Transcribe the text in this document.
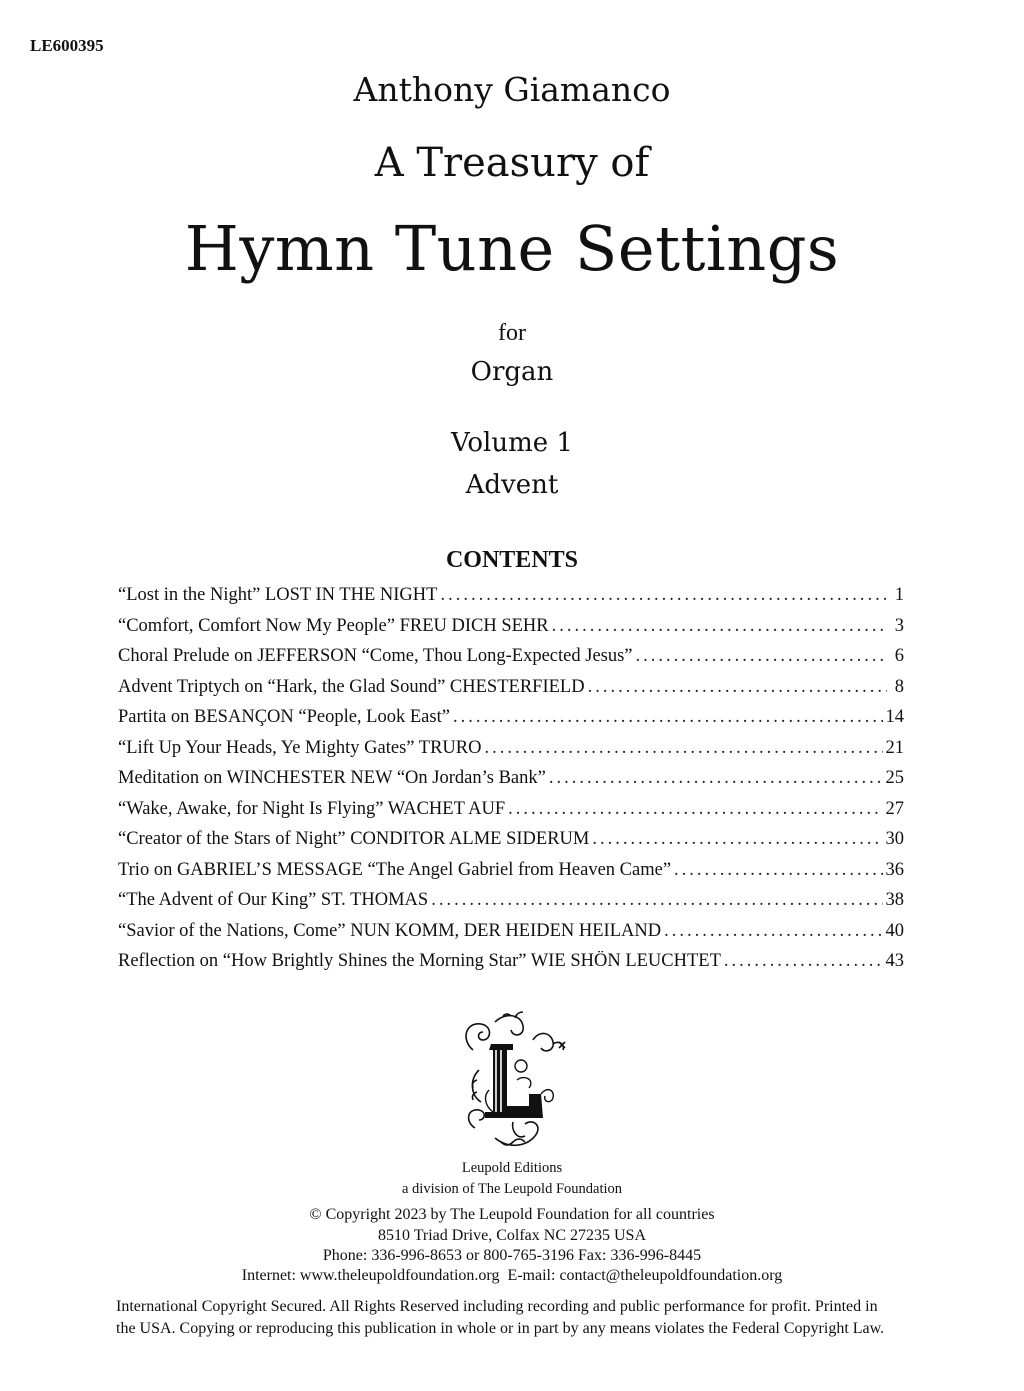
LE600395
Anthony Giamanco
A Treasury of
Hymn Tune Settings
for
Organ
Volume 1
Advent
CONTENTS
“Lost in the Night” LOST IN THE NIGHT .....	1
“Comfort, Comfort Now My People” FREU DICH SEHR .....	3
Choral Prelude on JEFFERSON “Come, Thou Long-Expected Jesus” .....	6
Advent Triptych on “Hark, the Glad Sound” CHESTERFIELD .....	8
Partita on BESANÇON “People, Look East” .....	14
“Lift Up Your Heads, Ye Mighty Gates” TRURO .....	21
Meditation on WINCHESTER NEW “On Jordan’s Bank” .....	25
“Wake, Awake, for Night Is Flying” WACHET AUF .....	27
“Creator of the Stars of Night” CONDITOR ALME SIDERUM .....	30
Trio on GABRIEL’S MESSAGE “The Angel Gabriel from Heaven Came” .....	36
“The Advent of Our King” ST. THOMAS .....	38
“Savior of the Nations, Come” NUN KOMM, DER HEIDEN HEILAND .....	40
Reflection on “How Brightly Shines the Morning Star” WIE SHÖN LEUCHTET .....	43
Leupold Editions
a division of The Leupold Foundation
© Copyright 2023 by The Leupold Foundation for all countries
8510 Triad Drive, Colfax NC 27235 USA
Phone: 336-996-8653 or 800-765-3196 Fax: 336-996-8445
Internet: www.theleupoldfoundation.org  E-mail: contact@theleupoldfoundation.org
International Copyright Secured. All Rights Reserved including recording and public performance for profit. Printed in
the USA. Copying or reproducing this publication in whole or in part by any means violates the Federal Copyright Law.
